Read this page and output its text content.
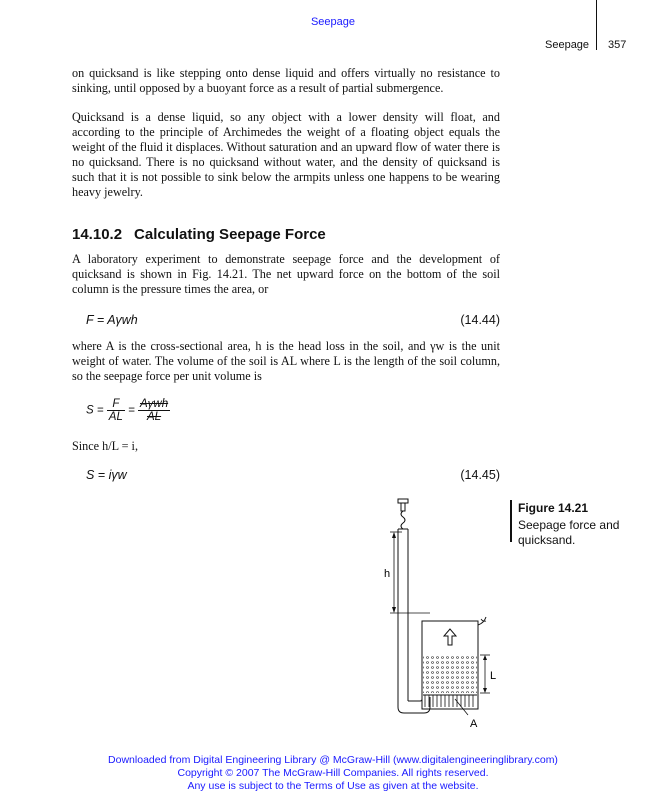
Seepage
Seepage 357

on quicksand is like stepping onto dense liquid and offers virtually no resistance to sinking, until opposed by a buoyant force as a result of partial submergence.

Quicksand is a dense liquid, so any object with a lower density will float, and according to the principle of Archimedes the weight of a floating object equals the weight of the fluid it displaces. Without saturation and an upward flow of water there is no quicksand. There is no quicksand without water, and the density of quicksand is such that it is not possible to sink below the armpits unless one happens to be wearing heavy jewelry.

14.10.2 Calculating Seepage Force

A laboratory experiment to demonstrate seepage force and the development of quicksand is shown in Fig. 14.21. The net upward force on the bottom of the soil column is the pressure times the area, or

F = Aγwh	(14.44)

where A is the cross-sectional area, h is the head loss in the soil, and γw is the unit weight of water. The volume of the soil is AL where L is the length of the soil column, so the seepage force per unit volume is

$S = \frac{F}{AL} = \frac{\text{Aγwh}}{AL}$

Since h/L = i,

S = iγw	(14.45)
Figure 14.21
Seepage force and quicksand.
h
L
A
Downloaded from Digital Engineering Library @ McGraw-Hill (www.digitalengineeringlibrary.com)
Copyright © 2007 The McGraw-Hill Companies. All rights reserved.
Any use is subject to the Terms of Use as given at the website.
